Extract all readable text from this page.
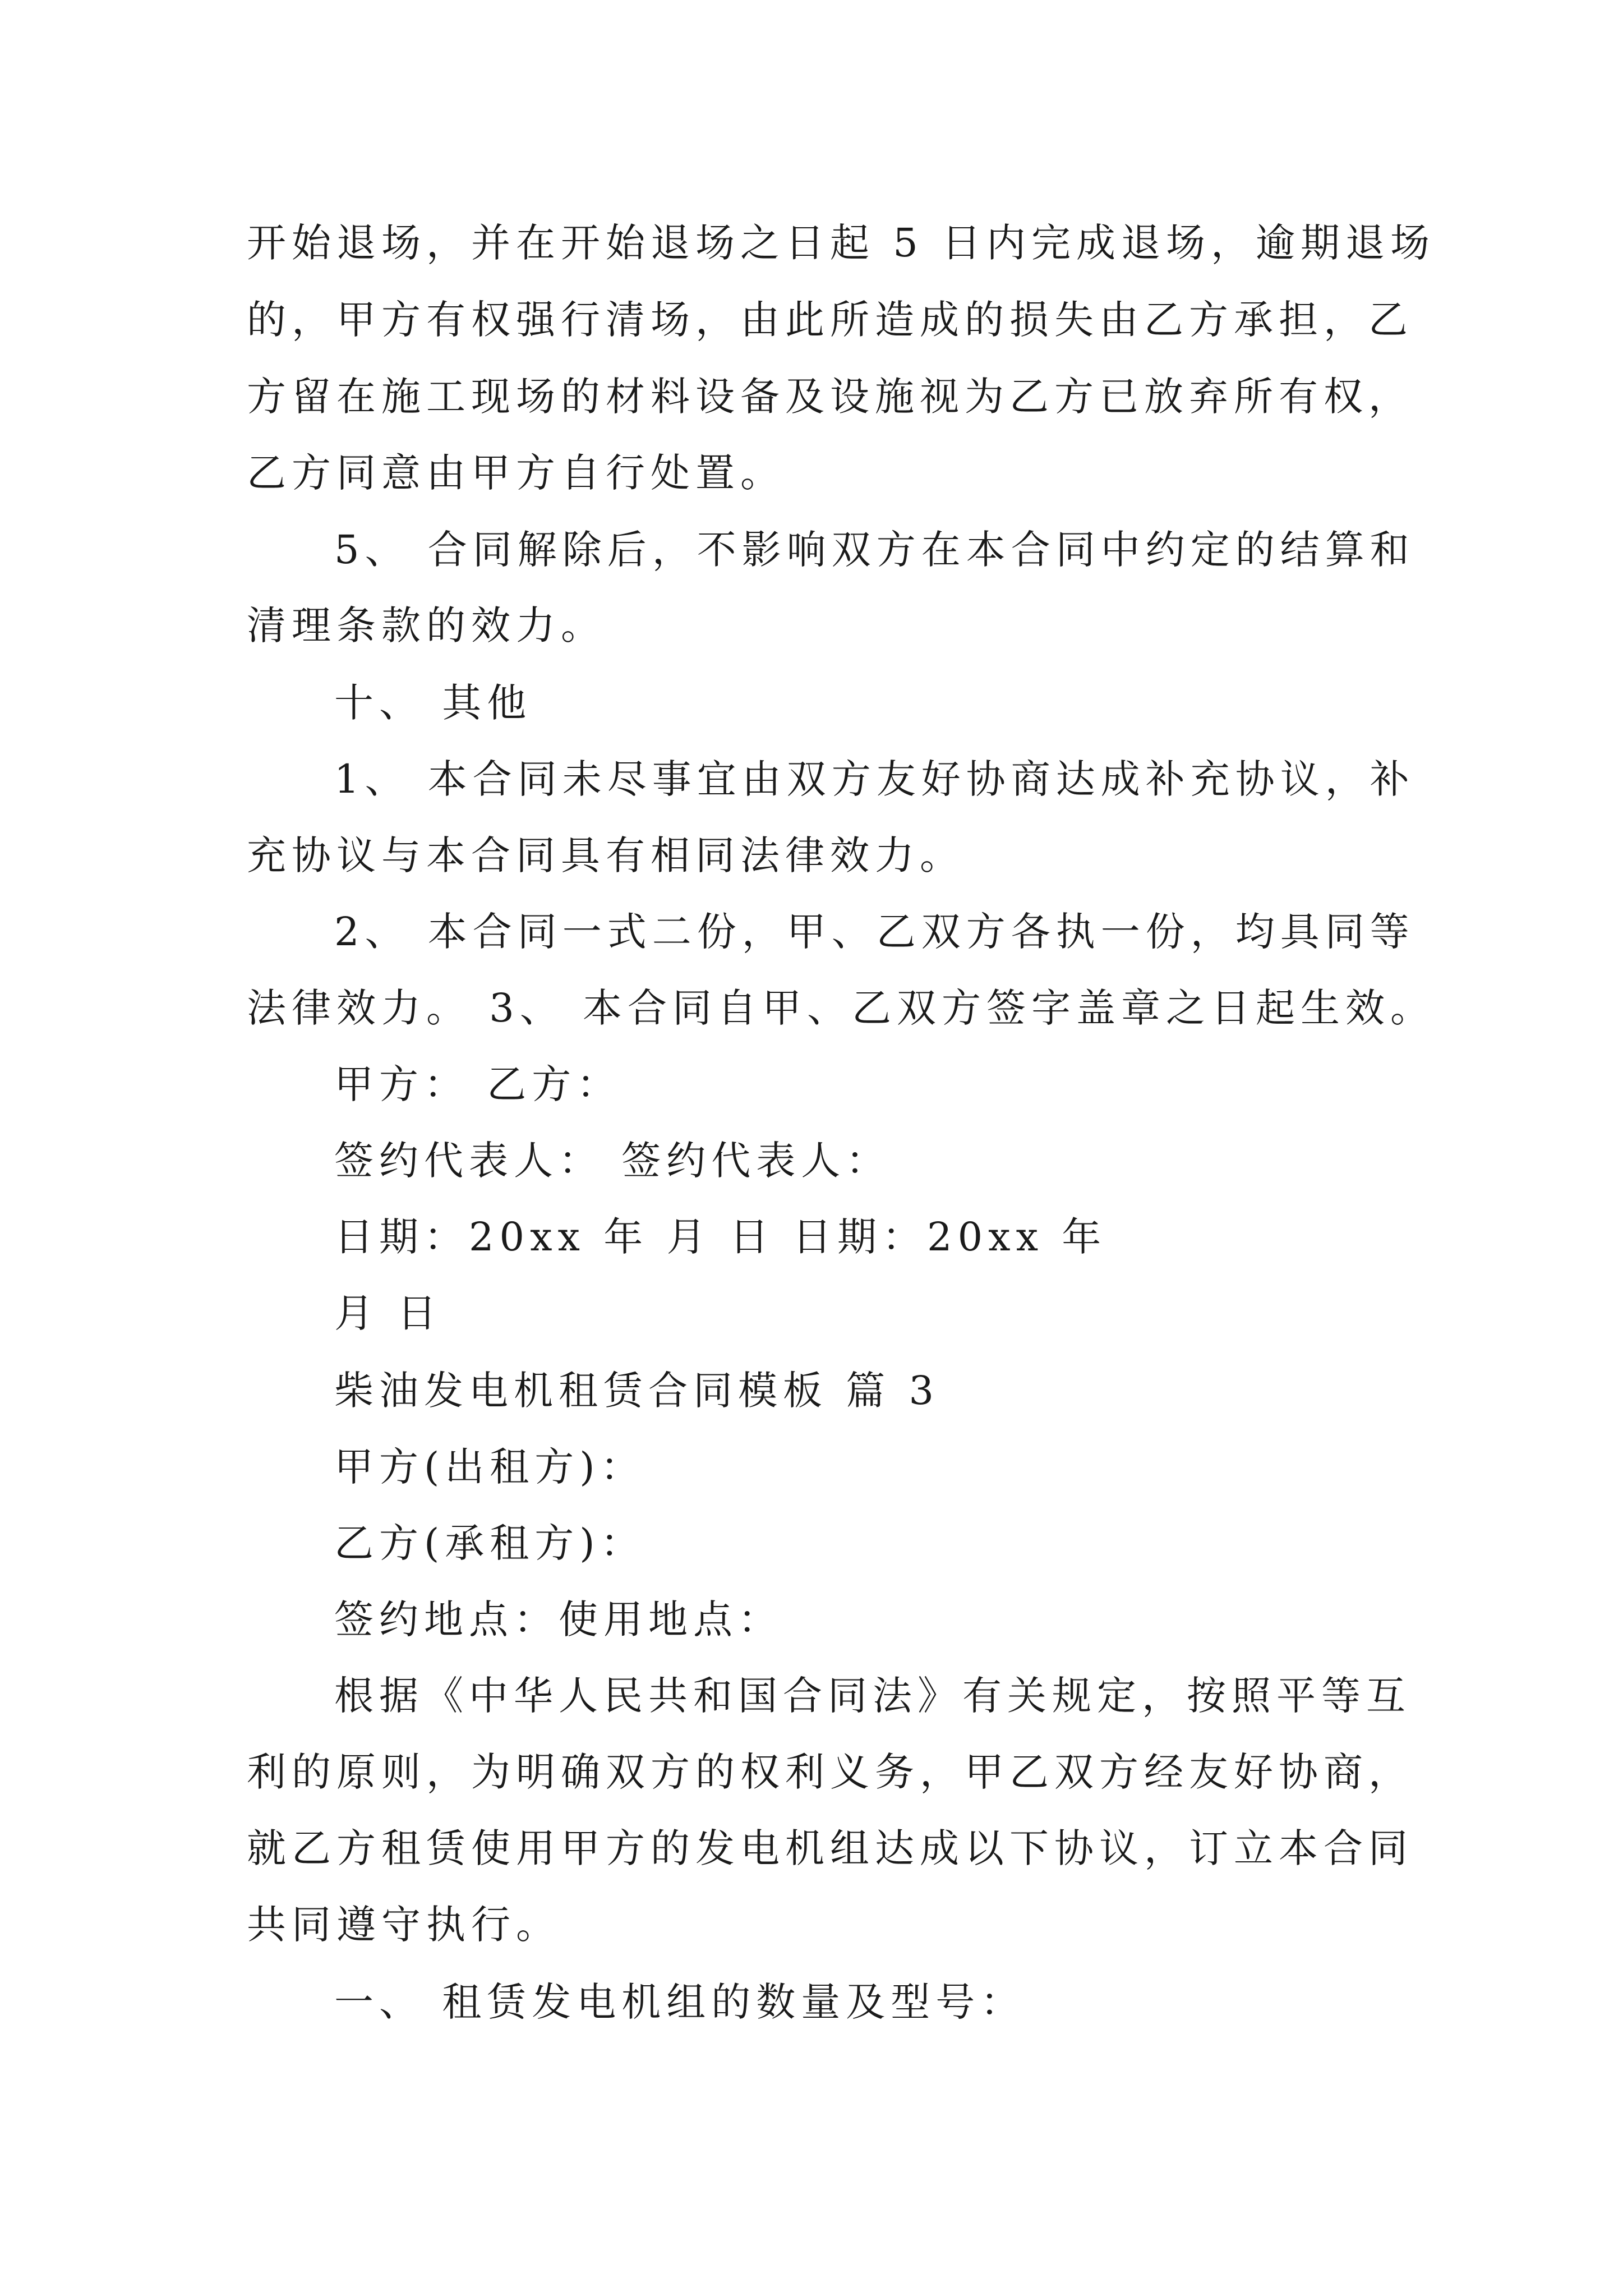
开始退场，并在开始退场之日起 5 日内完成退场，逾期退场
的，甲方有权强行清场，由此所造成的损失由乙方承担，乙
方留在施工现场的材料设备及设施视为乙方已放弃所有权，
乙方同意由甲方自行处置。
5、 合同解除后，不影响双方在本合同中约定的结算和
清理条款的效力。
十、 其他
1、 本合同未尽事宜由双方友好协商达成补充协议，补
充协议与本合同具有相同法律效力。
2、 本合同一式二份，甲、乙双方各执一份，均具同等
法律效力。 3、 本合同自甲、乙双方签字盖章之日起生效。
甲方： 乙方：
签约代表人： 签约代表人：
日期：20xx 年 月 日 日期：20xx 年
月 日
柴油发电机租赁合同模板 篇 3
甲方(出租方)：
乙方(承租方)：
签约地点：使用地点：
根据《中华人民共和国合同法》有关规定，按照平等互
利的原则，为明确双方的权利义务，甲乙双方经友好协商，
就乙方租赁使用甲方的发电机组达成以下协议，订立本合同
共同遵守执行。
一、 租赁发电机组的数量及型号：
